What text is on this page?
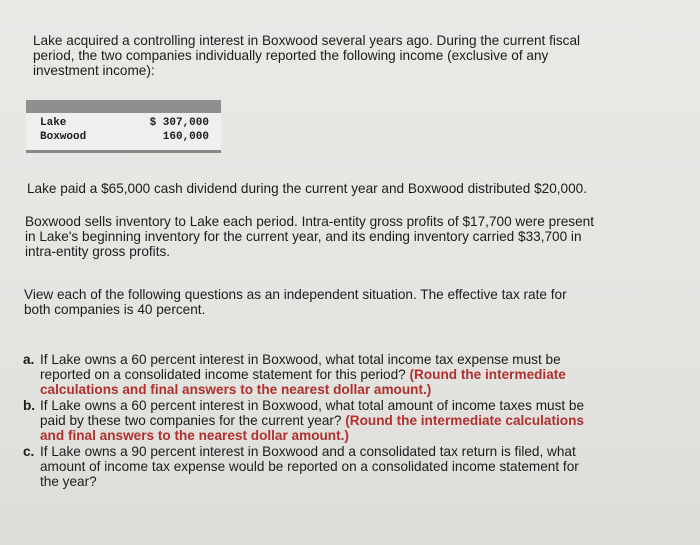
Lake acquired a controlling interest in Boxwood several years ago. During the current fiscal
period, the two companies individually reported the following income (exclusive of any
investment income):

Lake	$ 307,000
Boxwood	160,000

Lake paid a $65,000 cash dividend during the current year and Boxwood distributed $20,000.

Boxwood sells inventory to Lake each period. Intra-entity gross profits of $17,700 were present
in Lake's beginning inventory for the current year, and its ending inventory carried $33,700 in
intra-entity gross profits.

View each of the following questions as an independent situation. The effective tax rate for
both companies is 40 percent.

a. If Lake owns a 60 percent interest in Boxwood, what total income tax expense must be
reported on a consolidated income statement for this period? (Round the intermediate
calculations and final answers to the nearest dollar amount.)
b. If Lake owns a 60 percent interest in Boxwood, what total amount of income taxes must be
paid by these two companies for the current year? (Round the intermediate calculations
and final answers to the nearest dollar amount.)
c. If Lake owns a 90 percent interest in Boxwood and a consolidated tax return is filed, what
amount of income tax expense would be reported on a consolidated income statement for
the year?
